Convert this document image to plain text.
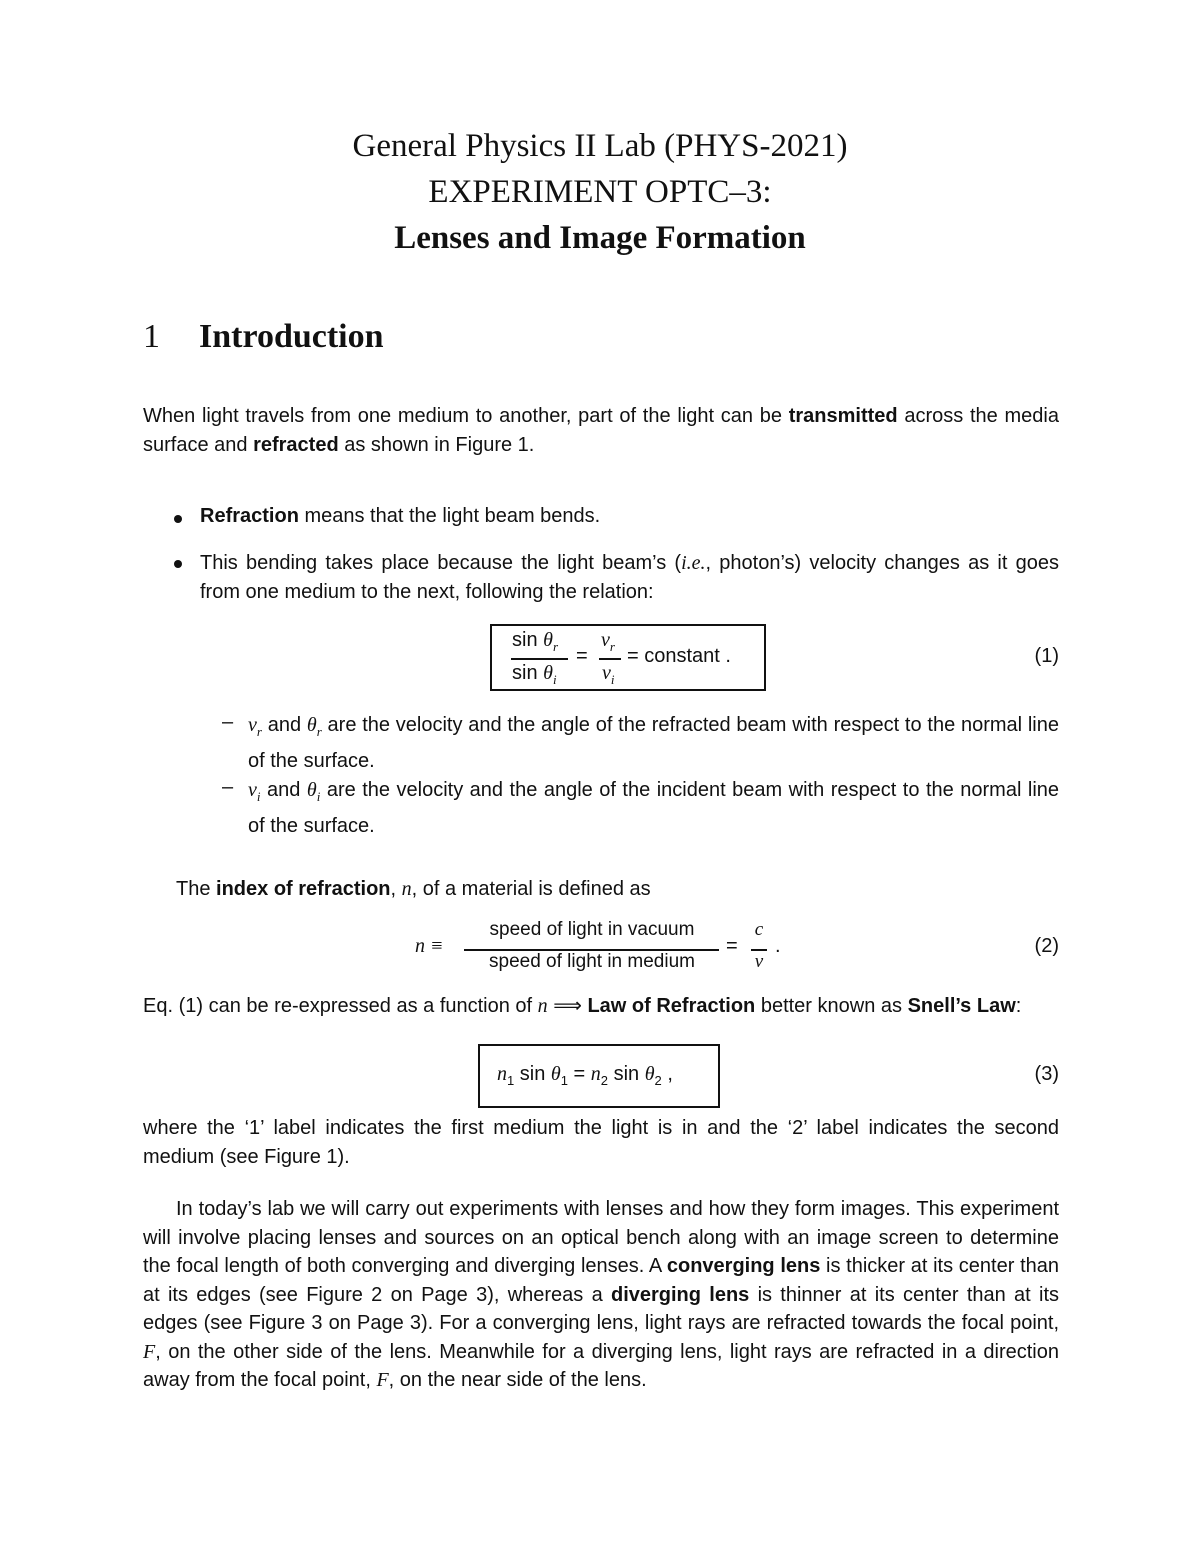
General Physics II Lab (PHYS-2021)
EXPERIMENT OPTC–3:
Lenses and Image Formation
1 Introduction
When light travels from one medium to another, part of the light can be transmitted across the media surface and refracted as shown in Figure 1.
Refraction means that the light beam bends.
This bending takes place because the light beam’s (i.e., photon’s) velocity changes as it goes from one medium to the next, following the relation:
$\sin \theta_r$
$\sin \theta_i$
=
$v_r$
$v_i$
= constant .	(1)
– $v_r$ and $\theta_r$ are the velocity and the angle of the refracted beam with respect to the normal line of the surface.
– $v_i$ and $\theta_i$ are the velocity and the angle of the incident beam with respect to the normal line of the surface.
The index of refraction, n, of a material is defined as
n ≡
speed of light in vacuum
speed of light in medium
=
c
v
.	(2)
Eq. (1) can be re-expressed as a function of n ⟹ Law of Refraction better known as Snell’s Law:
$n_1$ $\sin \theta_1 = n_2$ $\sin \theta_2$ ,	(3)
where the ‘1’ label indicates the first medium the light is in and the ‘2’ label indicates the second medium (see Figure 1).
In today’s lab we will carry out experiments with lenses and how they form images. This experiment will involve placing lenses and sources on an optical bench along with an image screen to determine the focal length of both converging and diverging lenses. A converging lens is thicker at its center than at its edges (see Figure 2 on Page 3), whereas a diverging lens is thinner at its center than at its edges (see Figure 3 on Page 3). For a converging lens, light rays are refracted towards the focal point, F, on the other side of the lens. Meanwhile for a diverging lens, light rays are refracted in a direction away from the focal point, F, on the near side of the lens.
